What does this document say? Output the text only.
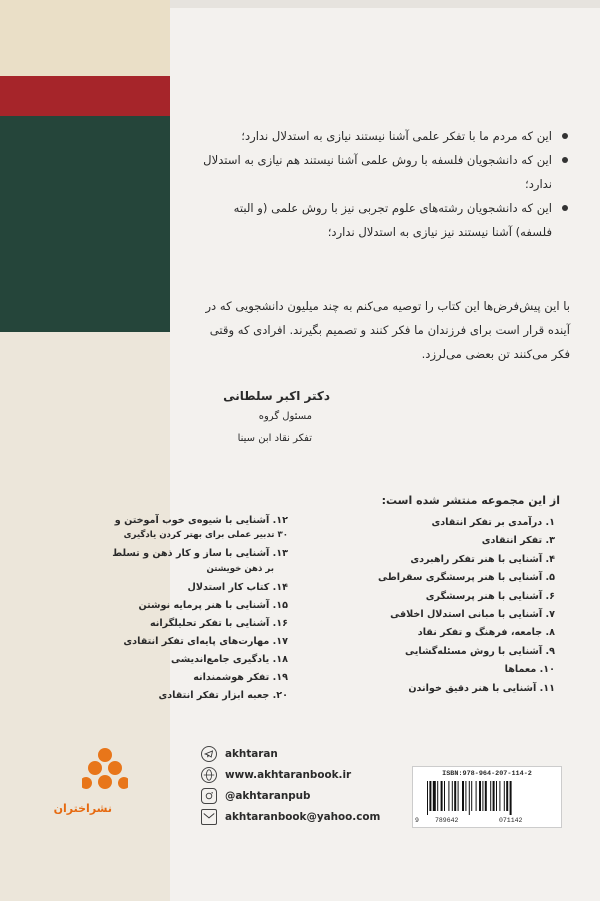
این که مردم ما با تفکر علمی آشنا نیستند نیازی به استدلال ندارد؛
این که دانشجویان فلسفه با روش علمی آشنا نیستند هم نیازی به استدلال ندارد؛
این که دانشجویان رشته‌های علوم تجربی نیز با روش علمی (و البته فلسفه) آشنا نیستند نیز نیازی به استدلال ندارد؛
با این پیش‌فرض‌ها این کتاب را توصیه می‌کنم به چند میلیون دانشجویی که در آینده قرار است برای فرزندان ما فکر کنند و تصمیم بگیرند. افرادی که وقتی فکر می‌کنند تن بعضی می‌لرزد.
دکتر اکبر سلطانی
مسئول گروه
تفکر نقاد ابن سینا
از این مجموعه منتشر شده است:
۱. درآمدی بر تفکر انتقادی
۳. تفکر انتقادی
۴. آشنایی با هنر تفکر راهبردی
۵. آشنایی با هنر پرسشگری سقراطی
۶. آشنایی با هنر پرسشگری
۷. آشنایی با مبانی استدلال اخلاقی
۸. جامعه، فرهنگ و تفکر نقاد
۹. آشنایی با روش مسئله‌گشایی
۱۰. معماها
۱۱. آشنایی با هنر دقیق خواندن
۱۲. آشنایی با شیوه‌ی خوب آموختن و
۳۰ تدبیر عملی برای بهتر کردن یادگیری
۱۳. آشنایی با ساز و کار ذهن و تسلط
بر ذهن خویشتن
۱۴. کتاب کار استدلال
۱۵. آشنایی با هنر پرمایه نوشتن
۱۶. آشنایی با تفکر تحلیلگرانه
۱۷. مهارت‌های پایه‌ای تفکر انتقادی
۱۸. یادگیری جامع‌اندیشی
۱۹. تفکر هوشمندانه
۲۰. جعبه ابزار تفکر انتقادی
نشراختران
akhtaran
www.akhtaranbook.ir
@akhtaranpub
akhtaranbook@yahoo.com
ISBN:978-964-207-114-2
9 789642	071142
